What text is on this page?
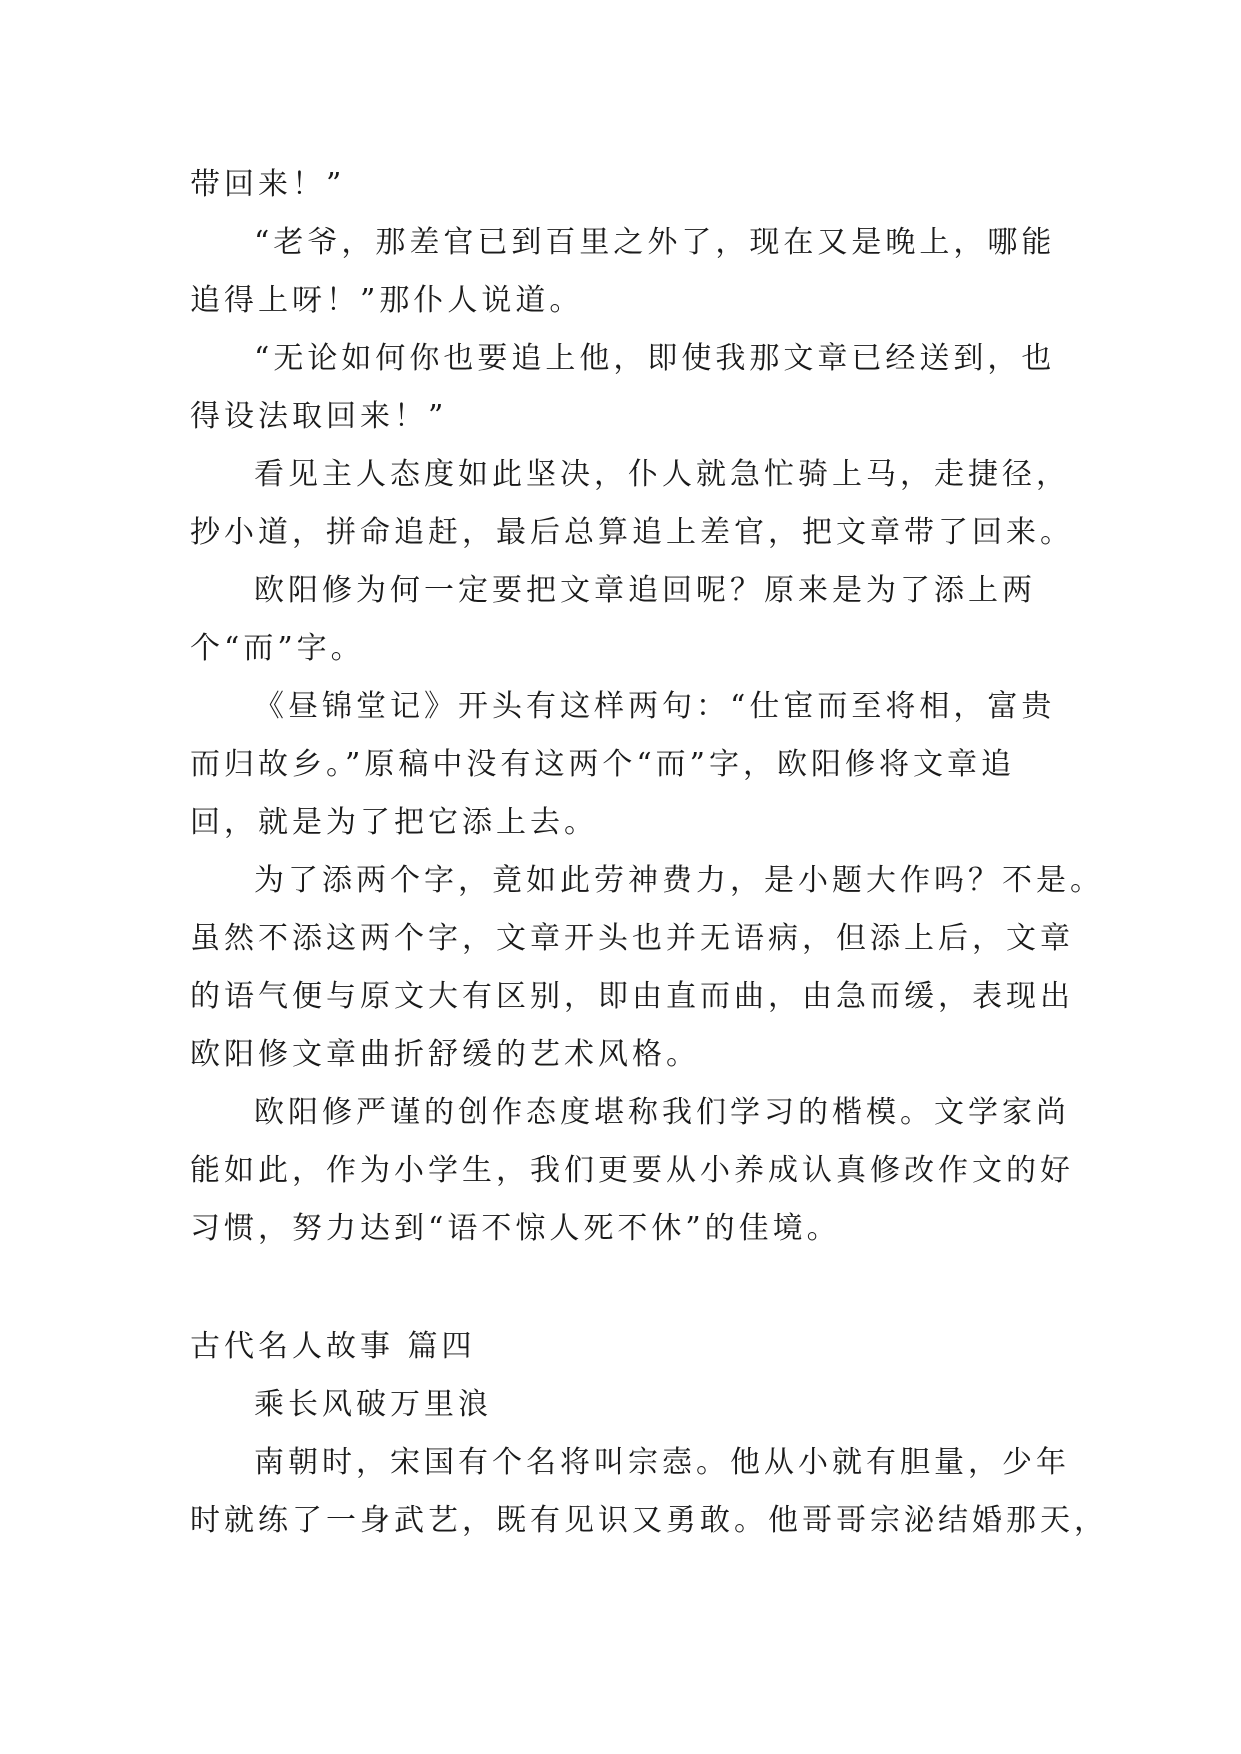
带回来！”
“老爷，那差官已到百里之外了，现在又是晚上，哪能
追得上呀！”那仆人说道。
“无论如何你也要追上他，即使我那文章已经送到，也
得设法取回来！”
看见主人态度如此坚决，仆人就急忙骑上马，走捷径，
抄小道，拼命追赶，最后总算追上差官，把文章带了回来。
欧阳修为何一定要把文章追回呢？原来是为了添上两
个“而”字。
《昼锦堂记》开头有这样两句：“仕宦而至将相，富贵
而归故乡。”原稿中没有这两个“而”字，欧阳修将文章追
回，就是为了把它添上去。
为了添两个字，竟如此劳神费力，是小题大作吗？不是。
虽然不添这两个字，文章开头也并无语病，但添上后，文章
的语气便与原文大有区别，即由直而曲，由急而缓，表现出
欧阳修文章曲折舒缓的艺术风格。
欧阳修严谨的创作态度堪称我们学习的楷模。文学家尚
能如此，作为小学生，我们更要从小养成认真修改作文的好
习惯，努力达到“语不惊人死不休”的佳境。
古代名人故事 篇四
乘长风破万里浪
南朝时，宋国有个名将叫宗悫。他从小就有胆量，少年
时就练了一身武艺，既有见识又勇敢。他哥哥宗泌结婚那天，
